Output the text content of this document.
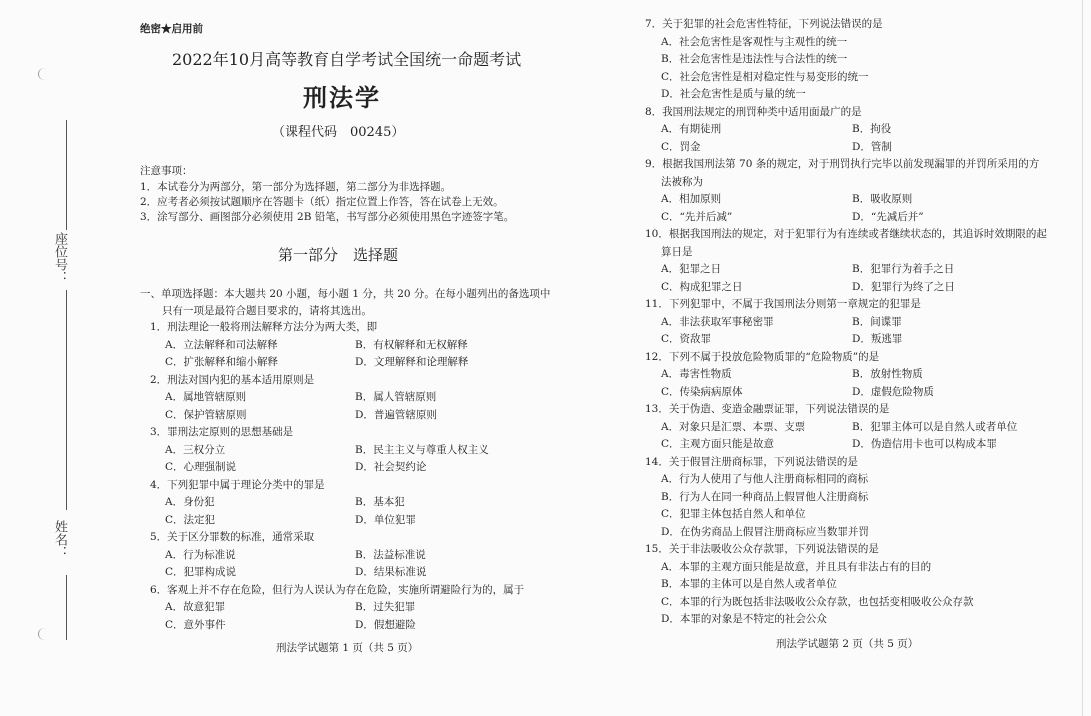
座位号：
姓名：
绝密★启用前
2022年10月高等教育自学考试全国统一命题考试
刑法学
（课程代码　00245）
注意事项：
1．本试卷分为两部分，第一部分为选择题，第二部分为非选择题。
2．应考者必须按试题顺序在答题卡（纸）指定位置上作答，答在试卷上无效。
3．涂写部分、画图部分必须使用 2B 铅笔，书写部分必须使用黑色字迹签字笔。
第一部分　选择题
一、单项选择题：本大题共 20 小题，每小题 1 分，共 20 分。在每小题列出的备选项中
只有一项是最符合题目要求的，请将其选出。
1．刑法理论一般将刑法解释方法分为两大类，即
A．立法解释和司法解释	B．有权解释和无权解释
C．扩张解释和缩小解释	D．文理解释和论理解释
2．刑法对国内犯的基本适用原则是
A．属地管辖原则	B．属人管辖原则
C．保护管辖原则	D．普遍管辖原则
3．罪刑法定原则的思想基础是
A．三权分立	B．民主主义与尊重人权主义
C．心理强制说	D．社会契约论
4．下列犯罪中属于理论分类中的罪是
A．身份犯	B．基本犯
C．法定犯	D．单位犯罪
5．关于区分罪数的标准，通常采取
A．行为标准说	B．法益标准说
C．犯罪构成说	D．结果标准说
6．客观上并不存在危险，但行为人误认为存在危险，实施所谓避险行为的，属于
A．故意犯罪	B．过失犯罪
C．意外事件	D．假想避险
7．关于犯罪的社会危害性特征，下列说法错误的是
A．社会危害性是客观性与主观性的统一
B．社会危害性是违法性与合法性的统一
C．社会危害性是相对稳定性与易变形的统一
D．社会危害性是质与量的统一
8．我国刑法规定的刑罚种类中适用面最广的是
A．有期徒刑	B．拘役
C．罚金	D．管制
9．根据我国刑法第 70 条的规定，对于刑罚执行完毕以前发现漏罪的并罚所采用的方
法被称为
A．相加原则	B．吸收原则
C．“先并后减”	D．“先减后并”
10．根据我国刑法的规定，对于犯罪行为有连续或者继续状态的，其追诉时效期限的起
算日是
A．犯罪之日	B．犯罪行为着手之日
C．构成犯罪之日	D．犯罪行为终了之日
11．下列犯罪中，不属于我国刑法分则第一章规定的犯罪是
A．非法获取军事秘密罪	B．间谍罪
C．资敌罪	D．叛逃罪
12．下列不属于投放危险物质罪的“危险物质”的是
A．毒害性物质	B．放射性物质
C．传染病病原体	D．虚假危险物质
13．关于伪造、变造金融票证罪，下列说法错误的是
A．对象只是汇票、本票、支票	B．犯罪主体可以是自然人或者单位
C．主观方面只能是故意	D．伪造信用卡也可以构成本罪
14．关于假冒注册商标罪，下列说法错误的是
A．行为人使用了与他人注册商标相同的商标
B．行为人在同一种商品上假冒他人注册商标
C．犯罪主体包括自然人和单位
D．在伪劣商品上假冒注册商标应当数罪并罚
15．关于非法吸收公众存款罪，下列说法错误的是
A．本罪的主观方面只能是故意，并且具有非法占有的目的
B．本罪的主体可以是自然人或者单位
C．本罪的行为既包括非法吸收公众存款，也包括变相吸收公众存款
D．本罪的对象是不特定的社会公众
刑法学试题第 1 页（共 5 页）	刑法学试题第 2 页（共 5 页）
